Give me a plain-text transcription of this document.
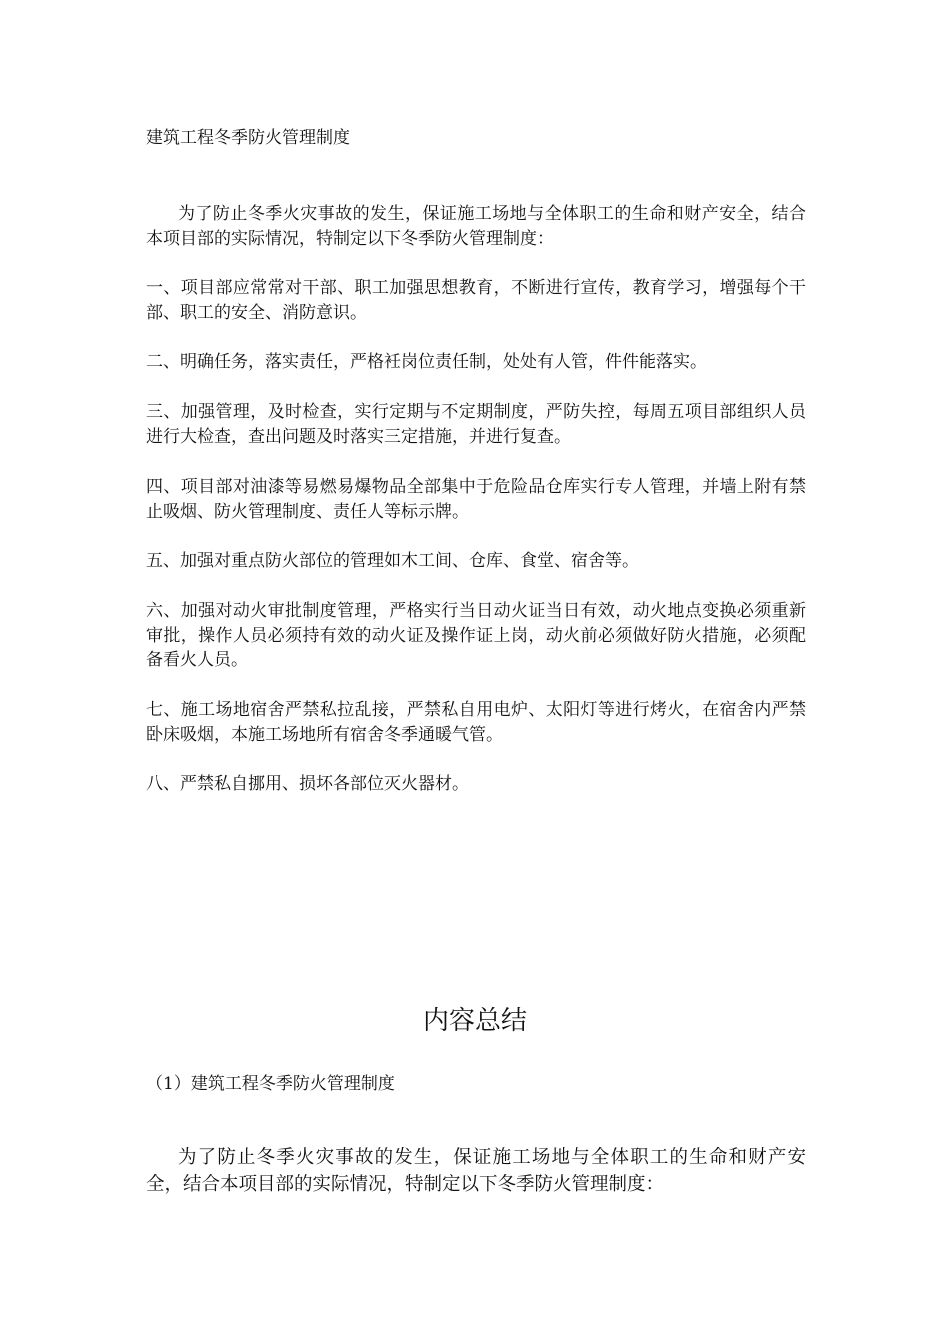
建筑工程冬季防火管理制度

为了防止冬季火灾事故的发生，保证施工场地与全体职工的生命和财产安全，结合本项目部的实际情况，特制定以下冬季防火管理制度：

一、项目部应常常对干部、职工加强思想教育，不断进行宣传，教育学习，增强每个干部、职工的安全、消防意识。

二、明确任务，落实责任，严格衽岗位责任制，处处有人管，件件能落实。

三、加强管理，及时检查，实行定期与不定期制度，严防失控，每周五项目部组织人员进行大检查，查出问题及时落实三定措施，并进行复查。

四、项目部对油漆等易燃易爆物品全部集中于危险品仓库实行专人管理，并墙上附有禁止吸烟、防火管理制度、责任人等标示牌。

五、加强对重点防火部位的管理如木工间、仓库、食堂、宿舍等。

六、加强对动火审批制度管理，严格实行当日动火证当日有效，动火地点变换必须重新审批，操作人员必须持有效的动火证及操作证上岗，动火前必须做好防火措施，必须配备看火人员。

七、施工场地宿舍严禁私拉乱接，严禁私自用电炉、太阳灯等进行烤火，在宿舍内严禁卧床吸烟，本施工场地所有宿舍冬季通暖气管。

八、严禁私自挪用、损坏各部位灭火器材。

内容总结
（1）建筑工程冬季防火管理制度

为了防止冬季火灾事故的发生，保证施工场地与全体职工的生命和财产安全，结合本项目部的实际情况，特制定以下冬季防火管理制度：
